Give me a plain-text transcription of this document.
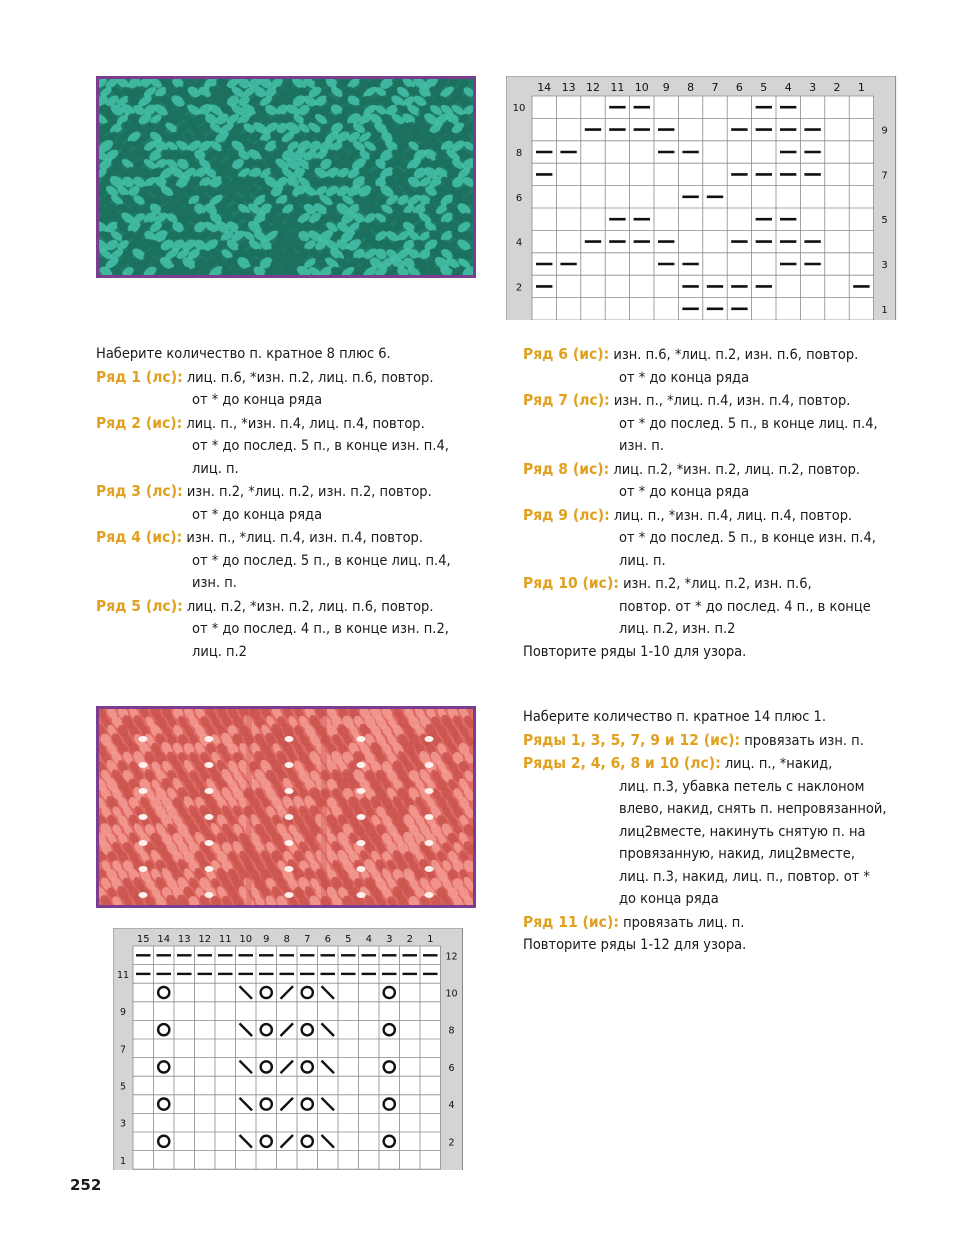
14 13 12 11 10 9 8 7 6 5 4 3 2 1
10
8
6
4
2
9
7
5
3
1
Наберите количество п. кратное 8 плюс 6.
Ряд 1 (лс): лиц. п.6, *изн. п.2, лиц. п.6, повтор.
от * до конца ряда
Ряд 2 (ис): лиц. п., *изн. п.4, лиц. п.4, повтор.
от * до послед. 5 п., в конце изн. п.4,
лиц. п.
Ряд 3 (лс): изн. п.2, *лиц. п.2, изн. п.2, повтор.
от * до конца ряда
Ряд 4 (ис): изн. п., *лиц. п.4, изн. п.4, повтор.
от * до послед. 5 п., в конце лиц. п.4,
изн. п.
Ряд 5 (лс): лиц. п.2, *изн. п.2, лиц. п.6, повтор.
от * до послед. 4 п., в конце изн. п.2,
лиц. п.2
Ряд 6 (ис): изн. п.6, *лиц. п.2, изн. п.6, повтор.
от * до конца ряда
Ряд 7 (лс): изн. п., *лиц. п.4, изн. п.4, повтор.
от * до послед. 5 п., в конце лиц. п.4,
изн. п.
Ряд 8 (ис): лиц. п.2, *изн. п.2, лиц. п.2, повтор.
от * до конца ряда
Ряд 9 (лс): лиц. п., *изн. п.4, лиц. п.4, повтор.
от * до послед. 5 п., в конце изн. п.4,
лиц. п.
Ряд 10 (ис): изн. п.2, *лиц. п.2, изн. п.6,
повтор. от * до послед. 4 п., в конце
лиц. п.2, изн. п.2
Повторите ряды 1-10 для узора.
15 14 13 12 11 10 9 8 7 6 5 4 3 2 1
11
9
7
5
3
1
12
10
8
6
4
2
Наберите количество п. кратное 14 плюс 1.
Ряды 1, 3, 5, 7, 9 и 12 (ис): провязать изн. п.
Ряды 2, 4, 6, 8 и 10 (лс): лиц. п., *накид,
лиц. п.3, убавка петель с наклоном
влево, накид, снять п. непровязанной,
лиц2вместе, накинуть снятую п. на
провязанную, накид, лиц2вместе,
лиц. п.3, накид, лиц. п., повтор. от *
до конца ряда
Ряд 11 (ис): провязать лиц. п.
Повторите ряды 1-12 для узора.
252
